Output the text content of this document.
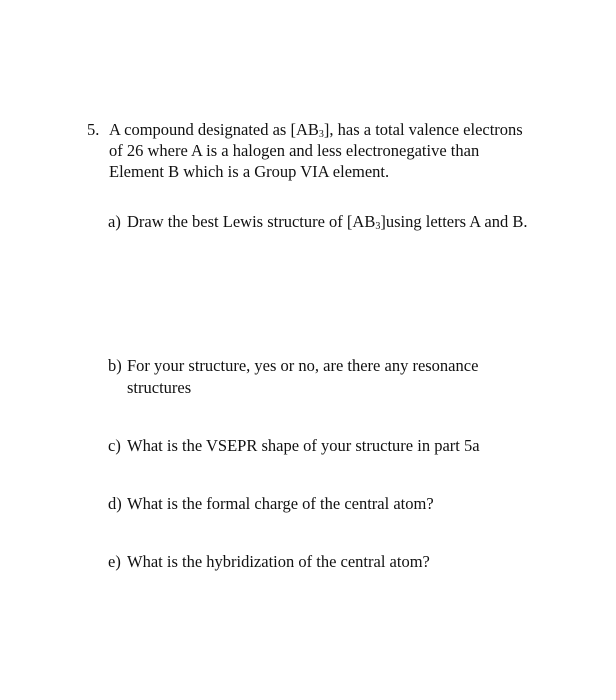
5. A compound designated as $[AB_3]$, has a total valence electrons of 26 where A is a halogen and less electronegative than Element B which is a Group VIA element.
a) Draw the best Lewis structure of $[AB_3]using$ letters A and B.
b) For your structure, yes or no, are there any resonance structures
c) What is the VSEPR shape of your structure in part 5a
d) What is the formal charge of the central atom?
e) What is the hybridization of the central atom?
